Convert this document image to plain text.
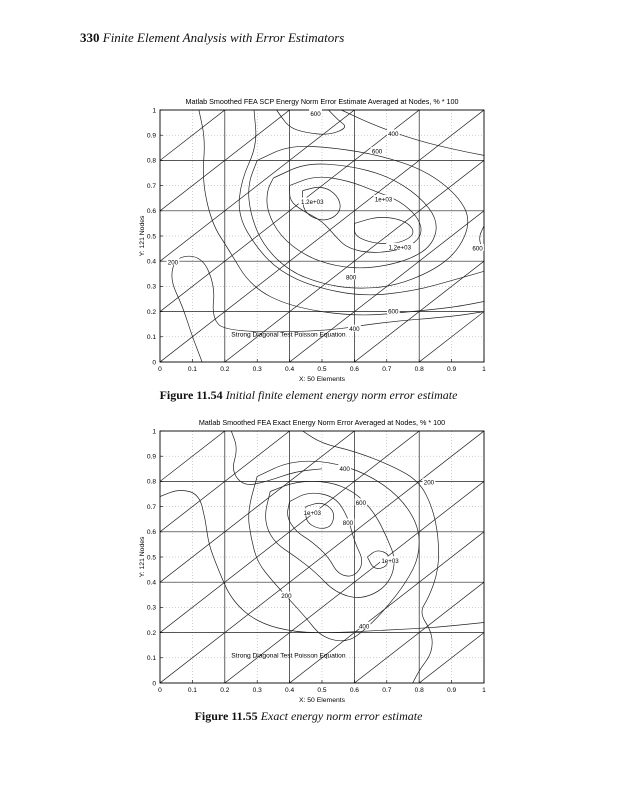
330 Finite Element Analysis with Error Estimators
Matlab Smoothed FEA SCP Energy Norm Error Estimate Averaged at Nodes, % * 100
0	0.1	0.2	0.3	0.4	0.5	0.6	0.7	0.8	0.9	1
0
0.1
0.2
0.3
0.4
0.5
0.6
0.7
0.8
0.9
1
X: 50 Elements
Y: 121 Nodes
600
400
600
1.2e+03	1e+03
1.2e+03	600
200
800
600
400
Strong Diagonal Test Poisson Equation
Figure 11.54 Initial finite element energy norm error estimate
Matlab Smoothed FEA Exact Energy Norm Error Averaged at Nodes, % * 100
0	0.1	0.2	0.3	0.4	0.5	0.6	0.7	0.8	0.9	1
0
0.1
0.2
0.3
0.4
0.5
0.6
0.7
0.8
0.9
1
X: 50 Elements
Y: 121 Nodes
400
200
600
1e+03
800
1e+03
200
400
Strong Diagonal Test Poisson Equation
Figure 11.55 Exact energy norm error estimate
